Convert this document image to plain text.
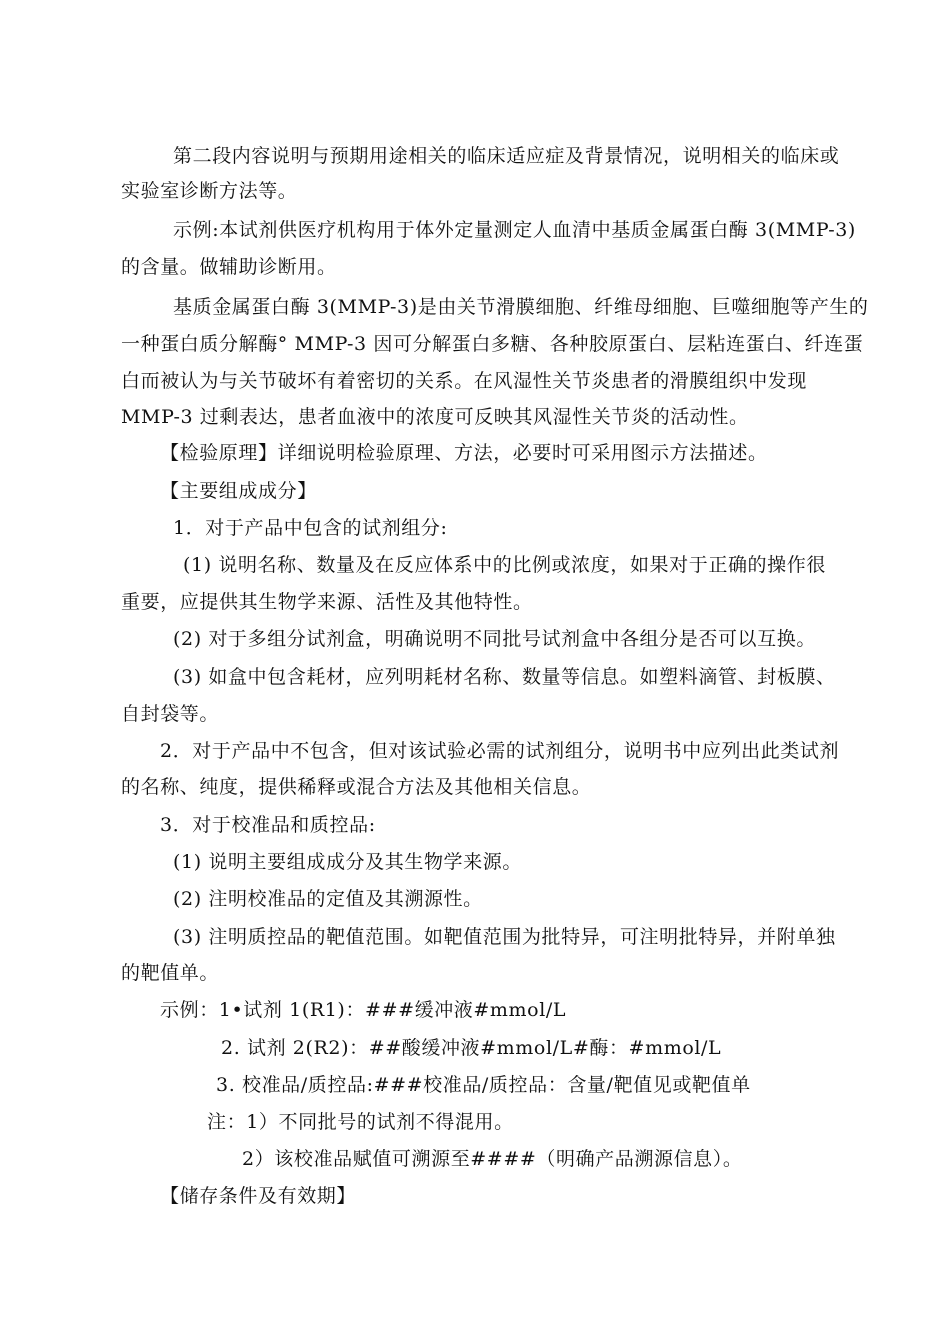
第二段内容说明与预期用途相关的临床适应症及背景情况，说明相关的临床或
实验室诊断方法等。
示例:本试剂供医疗机构用于体外定量测定人血清中基质金属蛋白酶 3(MMP-3)
的含量。做辅助诊断用。
基质金属蛋白酶 3(MMP-3)是由关节滑膜细胞、纤维母细胞、巨噬细胞等产生的
一种蛋白质分解酶° MMP-3 因可分解蛋白多糖、各种胶原蛋白、层粘连蛋白、纤连蛋
白而被认为与关节破坏有着密切的关系。在风湿性关节炎患者的滑膜组织中发现
MMP-3 过剩表达，患者血液中的浓度可反映其风湿性关节炎的活动性。
【检验原理】详细说明检验原理、方法，必要时可采用图示方法描述。
【主要组成成分】
1．对于产品中包含的试剂组分:
(1) 说明名称、数量及在反应体系中的比例或浓度，如果对于正确的操作很
重要，应提供其生物学来源、活性及其他特性。
(2) 对于多组分试剂盒，明确说明不同批号试剂盒中各组分是否可以互换。
(3) 如盒中包含耗材，应列明耗材名称、数量等信息。如塑料滴管、封板膜、
自封袋等。
2．对于产品中不包含，但对该试验必需的试剂组分，说明书中应列出此类试剂
的名称、纯度，提供稀释或混合方法及其他相关信息。
3．对于校准品和质控品:
(1) 说明主要组成成分及其生物学来源。
(2) 注明校准品的定值及其溯源性。
(3) 注明质控品的靶值范围。如靶值范围为批特异，可注明批特异，并附单独
的靶值单。
示例：1•试剂 1(R1)：###缓冲液#mmol/L
2. 试剂 2(R2)：##酸缓冲液#mmol/L#酶：#mmol/L
3. 校准品/质控品:###校准品/质控品：含量/靶值见或靶值单
注：1）不同批号的试剂不得混用。
2）该校准品赋值可溯源至####（明确产品溯源信息）。
【储存条件及有效期】
